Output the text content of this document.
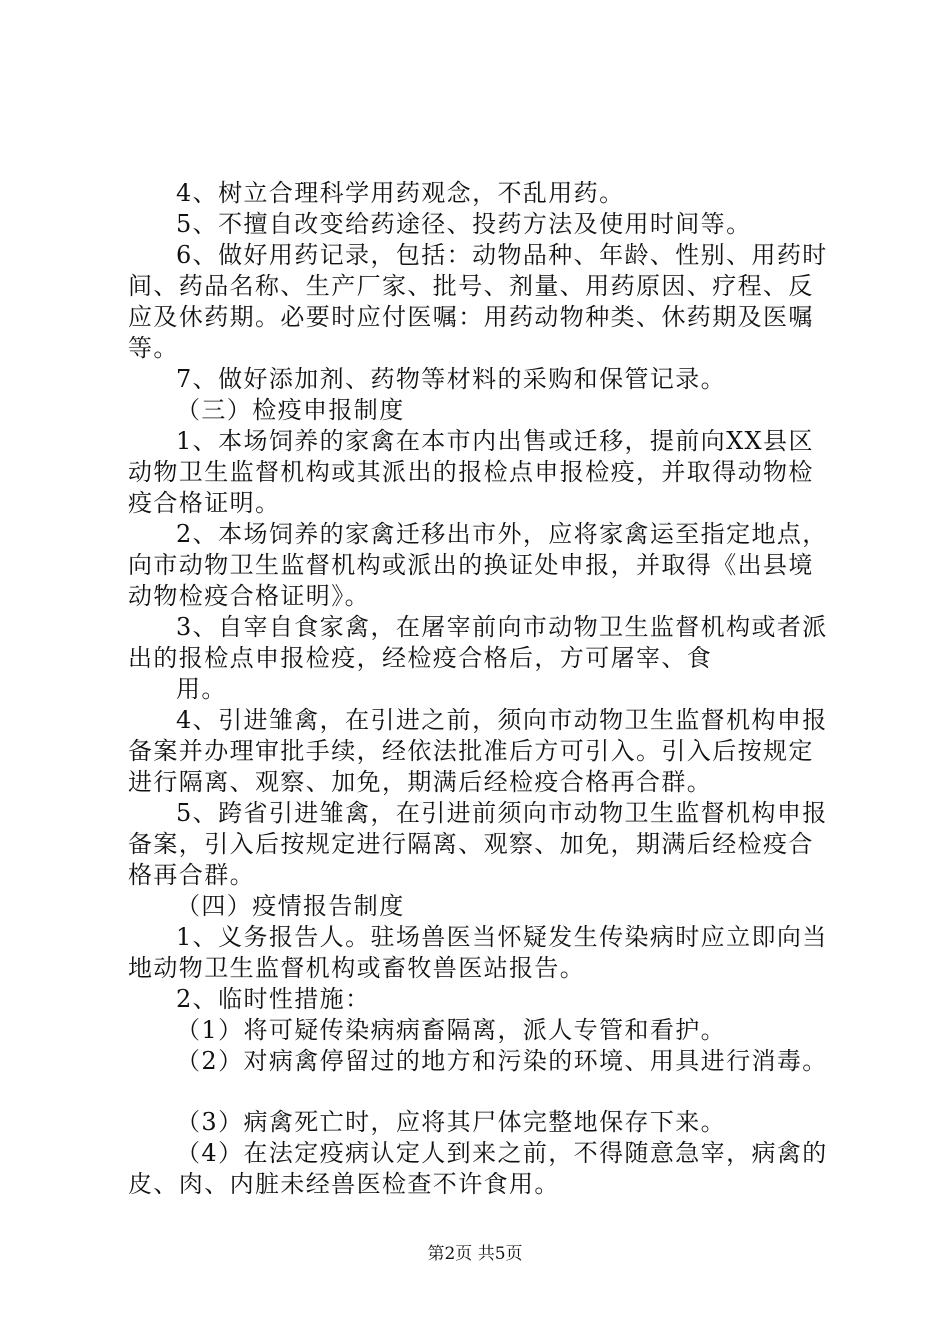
4、树立合理科学用药观念，不乱用药。
5、不擅自改变给药途径、投药方法及使用时间等。
6、做好用药记录，包括：动物品种、年龄、性别、用药时
间、药品名称、生产厂家、批号、剂量、用药原因、疗程、反
应及休药期。必要时应付医嘱：用药动物种类、休药期及医嘱
等。
7、做好添加剂、药物等材料的采购和保管记录。
（三）检疫申报制度
1、本场饲养的家禽在本市内出售或迁移，提前向XX县区
动物卫生监督机构或其派出的报检点申报检疫，并取得动物检
疫合格证明。
2、本场饲养的家禽迁移出市外，应将家禽运至指定地点，
向市动物卫生监督机构或派出的换证处申报，并取得《出县境
动物检疫合格证明》。
3、自宰自食家禽，在屠宰前向市动物卫生监督机构或者派
出的报检点申报检疫，经检疫合格后，方可屠宰、食
用。
4、引进雏禽，在引进之前，须向市动物卫生监督机构申报
备案并办理审批手续，经依法批准后方可引入。引入后按规定
进行隔离、观察、加免，期满后经检疫合格再合群。
5、跨省引进雏禽，在引进前须向市动物卫生监督机构申报
备案，引入后按规定进行隔离、观察、加免，期满后经检疫合
格再合群。
（四）疫情报告制度
1、义务报告人。驻场兽医当怀疑发生传染病时应立即向当
地动物卫生监督机构或畜牧兽医站报告。
2、临时性措施：
（1）将可疑传染病病畜隔离，派人专管和看护。
（2）对病禽停留过的地方和污染的环境、用具进行消毒。
（3）病禽死亡时，应将其尸体完整地保存下来。
（4）在法定疫病认定人到来之前，不得随意急宰，病禽的
皮、肉、内脏未经兽医检查不许食用。
第2页 共5页
